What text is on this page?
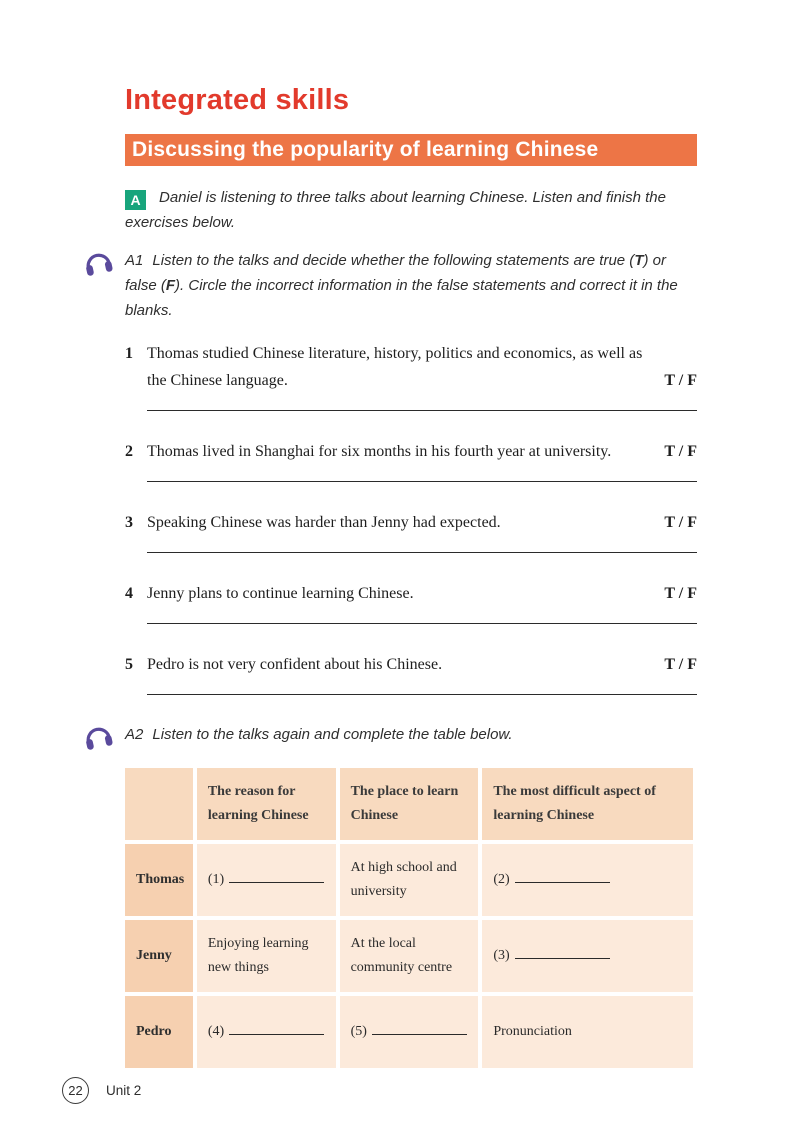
Integrated skills
Discussing the popularity of learning Chinese

A Daniel is listening to three talks about learning Chinese. Listen and finish the exercises below.

A1 Listen to the talks and decide whether the following statements are true (T) or false (F). Circle the incorrect information in the false statements and correct it in the blanks.
1 Thomas studied Chinese literature, history, politics and economics, as well as the Chinese language.	T / F
2 Thomas lived in Shanghai for six months in his fourth year at university.	T / F
3 Speaking Chinese was harder than Jenny had expected.	T / F
4 Jenny plans to continue learning Chinese.	T / F
5 Pedro is not very confident about his Chinese.	T / F
A2 Listen to the talks again and complete the table below.
	The reason for learning Chinese	The place to learn Chinese	The most difficult aspect of learning Chinese
Thomas	(1)	At high school and university	(2)
Jenny	Enjoying learning new things	At the local community centre	(3)
Pedro	(4)	(5)	Pronunciation
22	Unit 2
